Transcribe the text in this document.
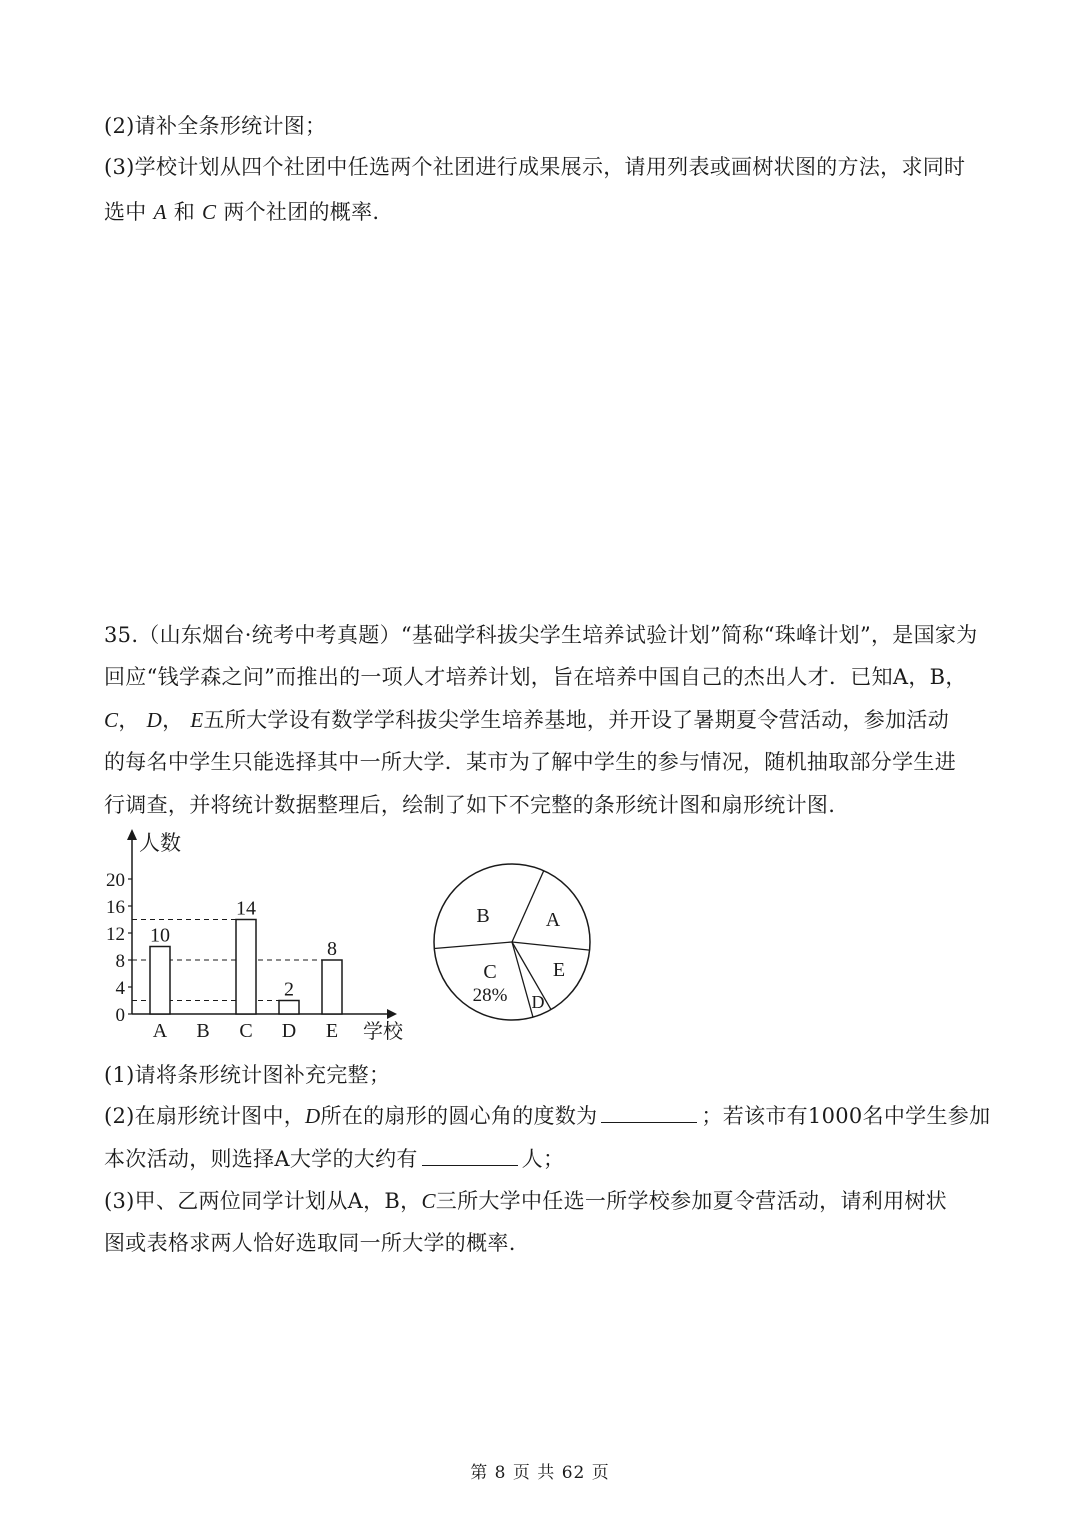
(2)请补全条形统计图；
(3)学校计划从四个社团中任选两个社团进行成果展示，请用列表或画树状图的方法，求同时
选中 A 和 C 两个社团的概率.
35.（山东烟台·统考中考真题）“基础学科拔尖学生培养试验计划”简称“珠峰计划”，是国家为
回应“钱学森之问”而推出的一项人才培养计划，旨在培养中国自己的杰出人才．已知A，B，
C， D， E五所大学设有数学学科拔尖学生培养基地，并开设了暑期夏令营活动，参加活动
的每名中学生只能选择其中一所大学．某市为了解中学生的参与情况，随机抽取部分学生进
行调查，并将统计数据整理后，绘制了如下不完整的条形统计图和扇形统计图.
人数
学校
0
4
8
12
16
20
10
A B
14
C
2
D
8
E
A
B
C
D
E
28%
(1)请将条形统计图补充完整；
(2)在扇形统计图中，D所在的扇形的圆心角的度数为	；若该市有1000名中学生参加
本次活动，则选择A大学的大约有	人；
(3)甲、乙两位同学计划从A，B，C三所大学中任选一所学校参加夏令营活动，请利用树状
图或表格求两人恰好选取同一所大学的概率.
第 8 页 共 62 页
